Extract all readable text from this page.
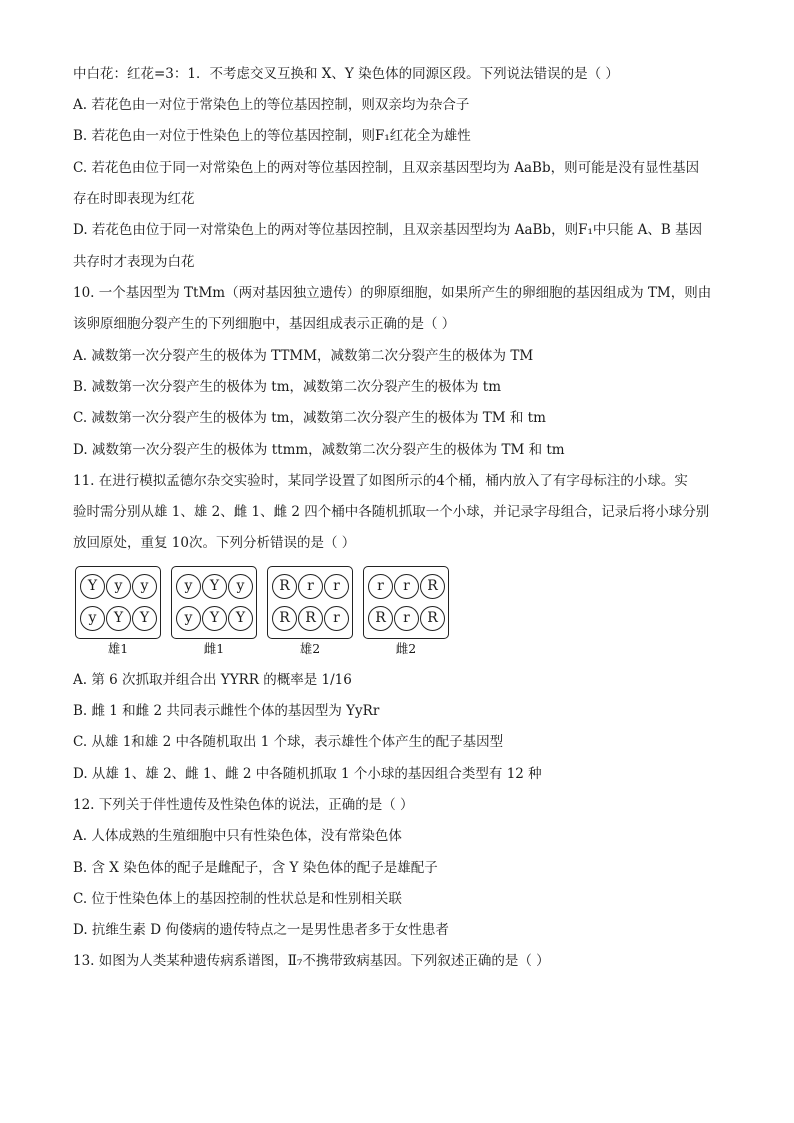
中白花：红花=3：1．不考虑交叉互换和 X、Y 染色体的同源区段。下列说法错误的是（ ）
A. 若花色由一对位于常染色上的等位基因控制，则双亲均为杂合子
B. 若花色由一对位于性染色上的等位基因控制，则F₁红花全为雄性
C. 若花色由位于同一对常染色上的两对等位基因控制，且双亲基因型均为 AaBb，则可能是没有显性基因
存在时即表现为红花
D. 若花色由位于同一对常染色上的两对等位基因控制，且双亲基因型均为 AaBb，则F₁中只能 A、B 基因
共存时才表现为白花
10. 一个基因型为 TtMm（两对基因独立遗传）的卵原细胞，如果所产生的卵细胞的基因组成为 TM，则由
该卵原细胞分裂产生的下列细胞中，基因组成表示正确的是（ ）
A. 减数第一次分裂产生的极体为 TTMM，减数第二次分裂产生的极体为 TM
B. 减数第一次分裂产生的极体为 tm，减数第二次分裂产生的极体为 tm
C. 减数第一次分裂产生的极体为 tm，减数第二次分裂产生的极体为 TM 和 tm
D. 减数第一次分裂产生的极体为 ttmm，减数第二次分裂产生的极体为 TM 和 tm
11. 在进行模拟孟德尔杂交实验时，某同学设置了如图所示的4个桶，桶内放入了有字母标注的小球。实
验时需分别从雄 1、雄 2、雌 1、雌 2 四个桶中各随机抓取一个小球，并记录字母组合，记录后将小球分别
放回原处，重复 10次。下列分析错误的是（ ）
Y	y	y
y	Y	Y
雄1
y	Y	y
y	Y	Y
雌1
R	r	r
R	R	r
雄2
r	r	R
R	r	R
雌2
A. 第 6 次抓取并组合出 YYRR 的概率是 1/16
B. 雌 1 和雌 2 共同表示雌性个体的基因型为 YyRr
C. 从雄 1和雄 2 中各随机取出 1 个球，表示雄性个体产生的配子基因型
D. 从雄 1、雄 2、雌 1、雌 2 中各随机抓取 1 个小球的基因组合类型有 12 种
12. 下列关于伴性遗传及性染色体的说法，正确的是（ ）
A. 人体成熟的生殖细胞中只有性染色体，没有常染色体
B. 含 X 染色体的配子是雌配子，含 Y 染色体的配子是雄配子
C. 位于性染色体上的基因控制的性状总是和性别相关联
D. 抗维生素 D 佝偻病的遗传特点之一是男性患者多于女性患者
13. 如图为人类某种遗传病系谱图，Ⅱ₇不携带致病基因。下列叙述正确的是（ ）
